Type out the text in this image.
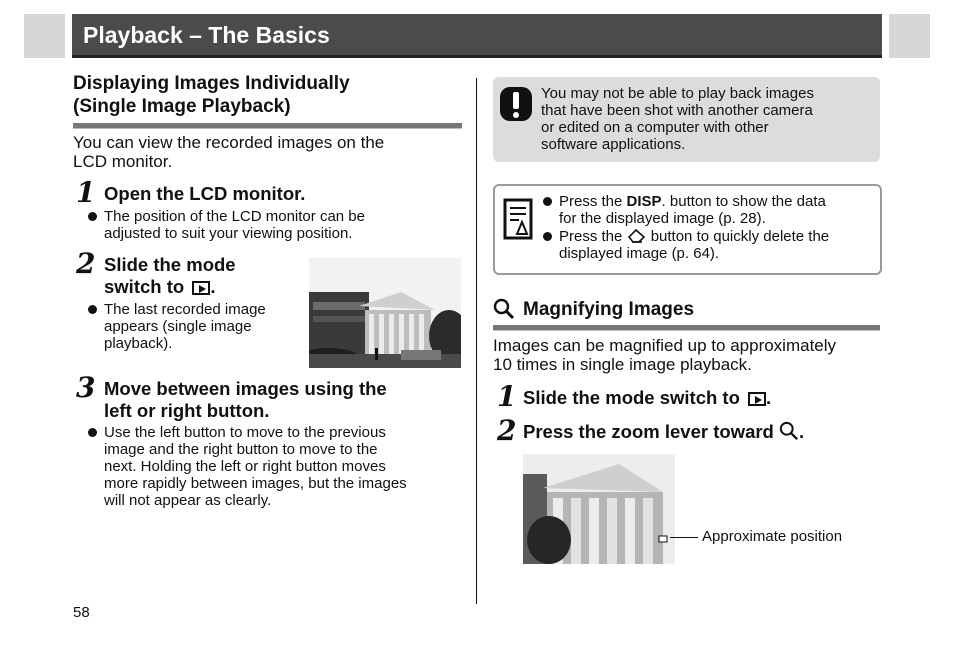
Playback – The Basics
Displaying Images Individually
(Single Image Playback)
You can view the recorded images on the
LCD monitor.
1 Open the LCD monitor.
The position of the LCD monitor can be
adjusted to suit your viewing position.
2 Slide the mode
switch to .
The last recorded image
appears (single image
playback).
3 Move between images using the
left or right button.
Use the left button to move to the previous
image and the right button to move to the
next. Holding the left or right button moves
more rapidly between images, but the images
will not appear as clearly.
You may not be able to play back images
that have been shot with another camera
or edited on a computer with other
software applications.
Press the DISP. button to show the data
for the displayed image (p. 28).
Press the  button to quickly delete the
displayed image (p. 64).
Magnifying Images
Images can be magnified up to approximately
10 times in single image playback.
1 Slide the mode switch to .
2 Press the zoom lever toward .
Approximate position
58
